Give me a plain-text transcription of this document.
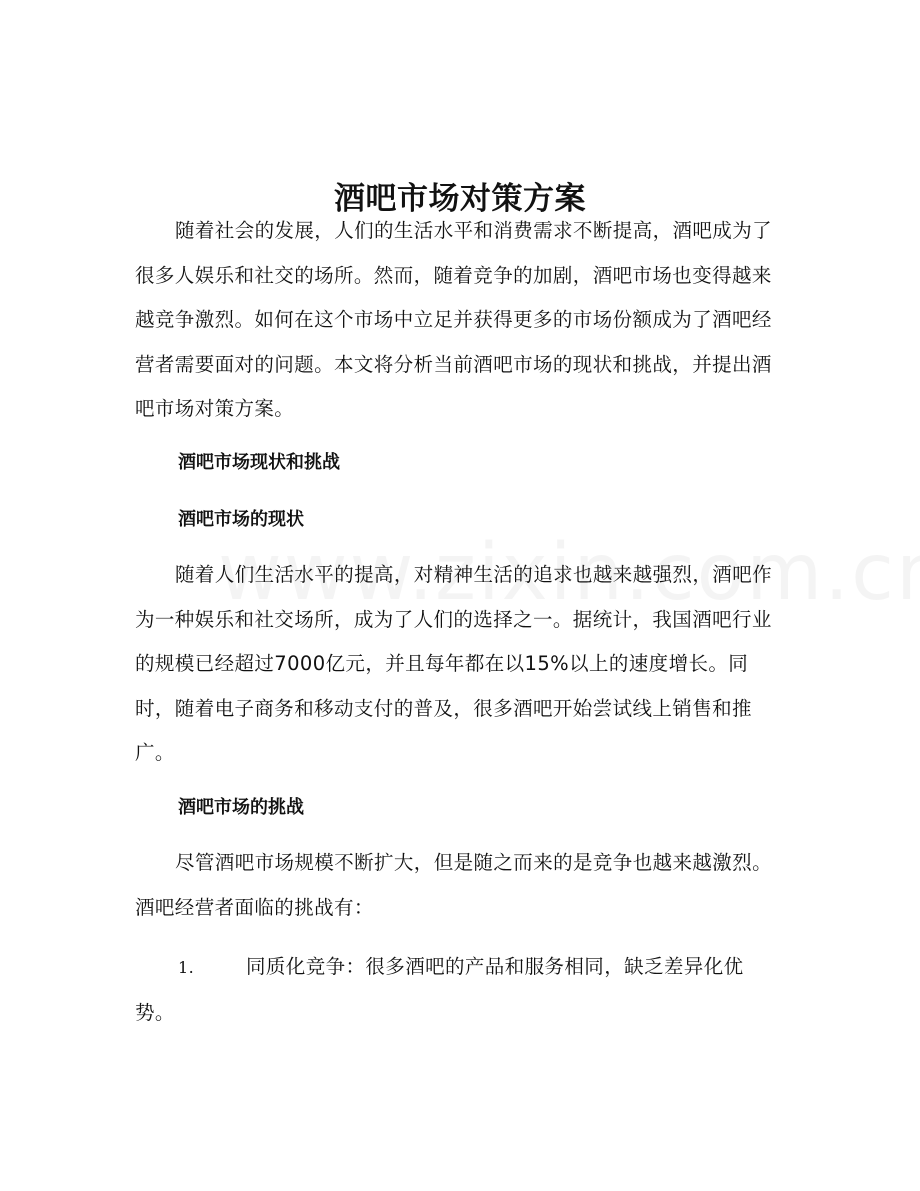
酒吧市场对策方案

随着社会的发展，人们的生活水平和消费需求不断提高，酒吧成为了很多人娱乐和社交的场所。然而，随着竞争的加剧，酒吧市场也变得越来越竞争激烈。如何在这个市场中立足并获得更多的市场份额成为了酒吧经营者需要面对的问题。本文将分析当前酒吧市场的现状和挑战，并提出酒吧市场对策方案。

酒吧市场现状和挑战
酒吧市场的现状

随着人们生活水平的提高，对精神生活的追求也越来越强烈，酒吧作为一种娱乐和社交场所，成为了人们的选择之一。据统计，我国酒吧行业的规模已经超过7000亿元，并且每年都在以15%以上的速度增长。同时，随着电子商务和移动支付的普及，很多酒吧开始尝试线上销售和推广。

酒吧市场的挑战

尽管酒吧市场规模不断扩大，但是随之而来的是竞争也越来越激烈。酒吧经营者面临的挑战有：

1.	同质化竞争：很多酒吧的产品和服务相同，缺乏差异化优势。
